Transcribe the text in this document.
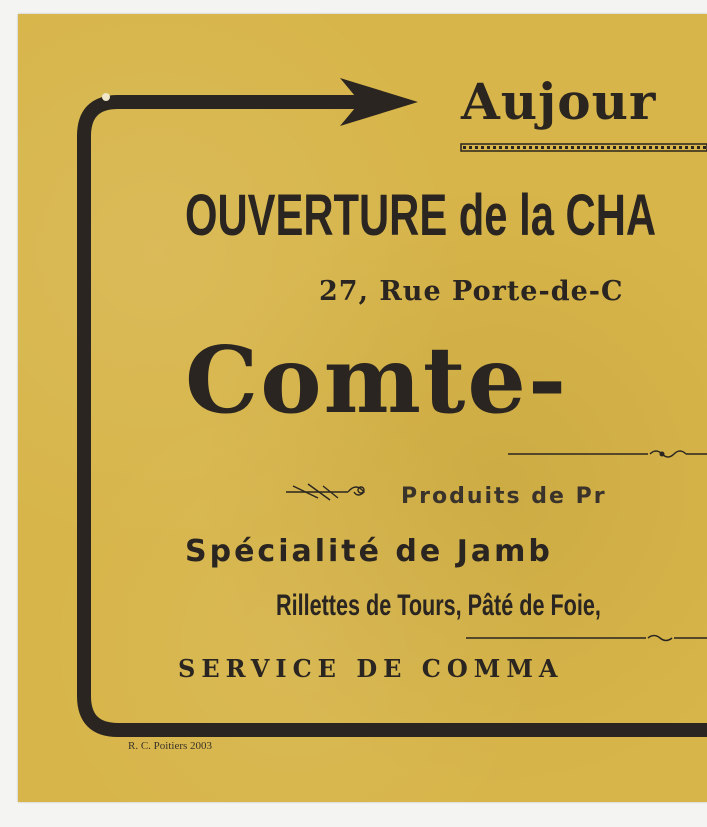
Aujour

OUVERTURE de la CHA

27, Rue Porte-de-C

Comte-

Produits de Pr

Spécialité de Jamb

Rillettes de Tours, Pâté de Foie,

SERVICE DE COMMA

R. C. Poitiers 2003
